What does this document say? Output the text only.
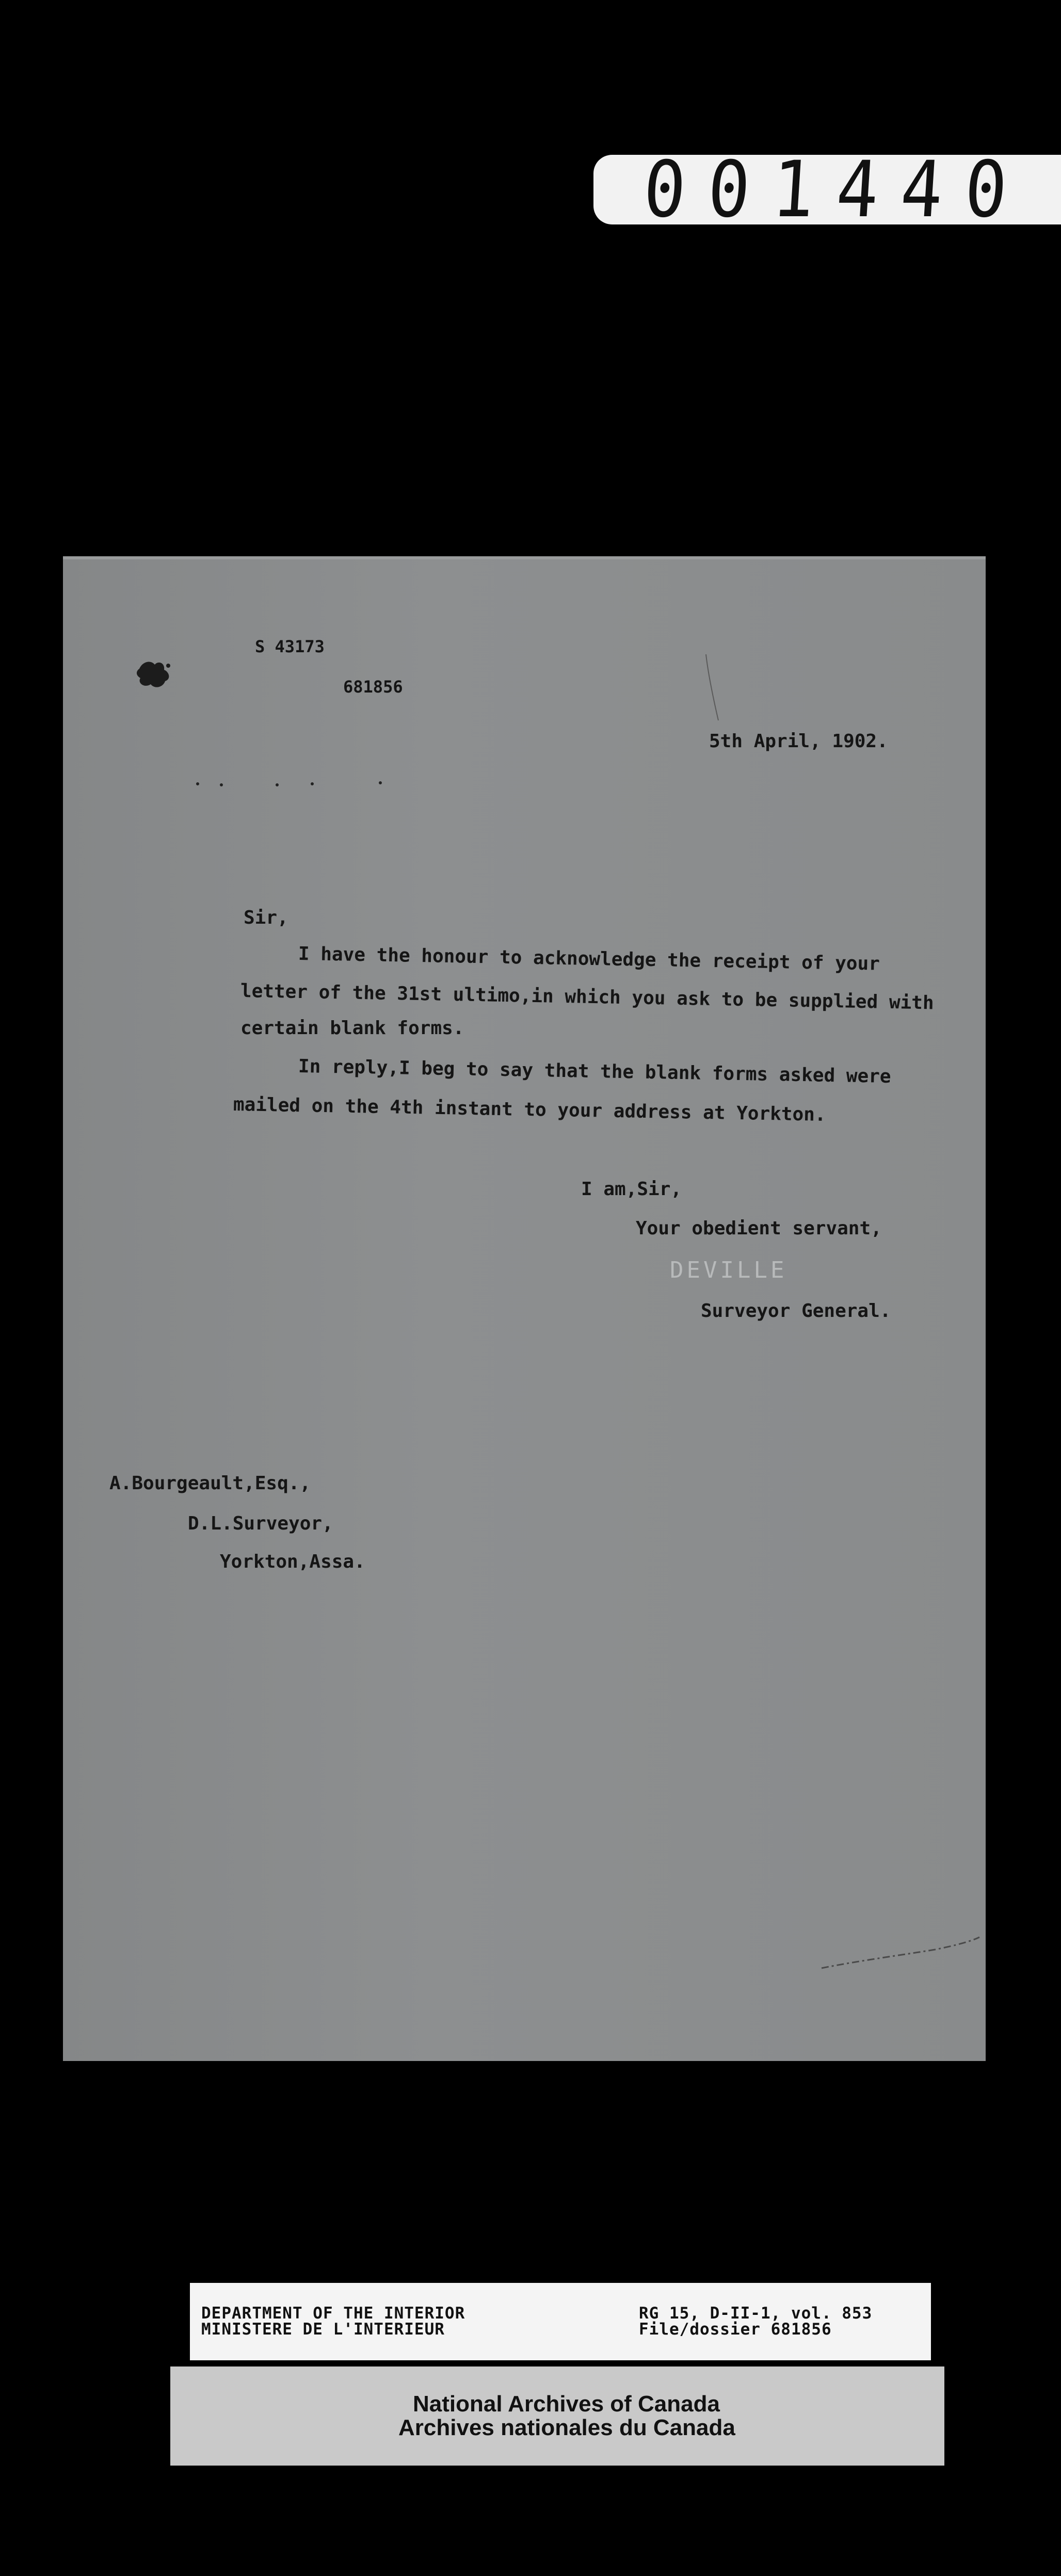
001440
S 43173
681856
5th April, 1902.
Sir,
I have the honour to acknowledge the receipt of your
letter of the 31st ultimo,in which you ask to be supplied with
certain blank forms.
In reply,I beg to say that the blank forms asked were
mailed on the 4th instant to your address at Yorkton.
I am,Sir,
Your obedient servant,
DEVILLE
Surveyor General.
A.Bourgeault,Esq.,
D.L.Surveyor,
Yorkton,Assa.
DEPARTMENT OF THE INTERIOR
MINISTERE DE L'INTERIEUR
RG 15, D-II-1, vol. 853
File/dossier 681856
National Archives of Canada
Archives nationales du Canada
